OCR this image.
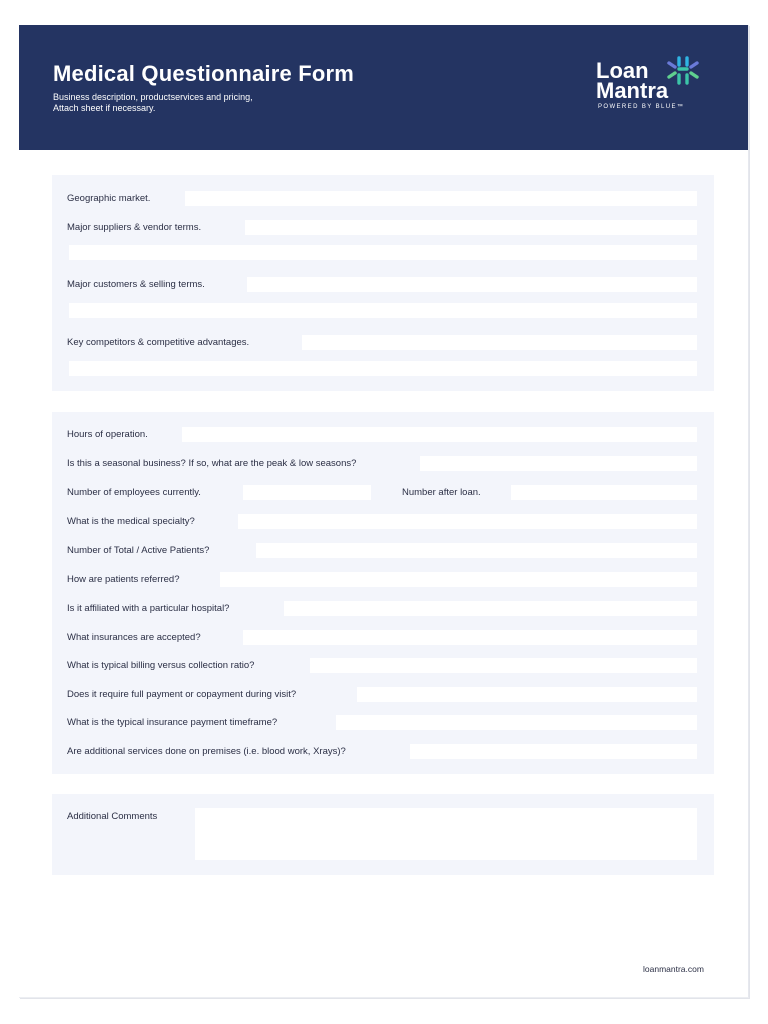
Medical Questionnaire Form
Business description, productservices and pricing,
Attach sheet if necessary.
Loan
Mantra
POWERED BY BLUE™
Geographic market.
Major suppliers & vendor terms.
Major customers & selling terms.
Key competitors & competitive advantages.
Hours of operation.
Is this a seasonal business? If so, what are the peak & low seasons?
Number of employees currently.	Number after loan.
What is the medical specialty?
Number of Total / Active Patients?
How are patients referred?
Is it affiliated with a particular hospital?
What insurances are accepted?
What is typical billing versus collection ratio?
Does it require full payment or copayment during visit?
What is the typical insurance payment timeframe?
Are additional services done on premises (i.e. blood work, Xrays)?
Additional Comments
loanmantra.com
